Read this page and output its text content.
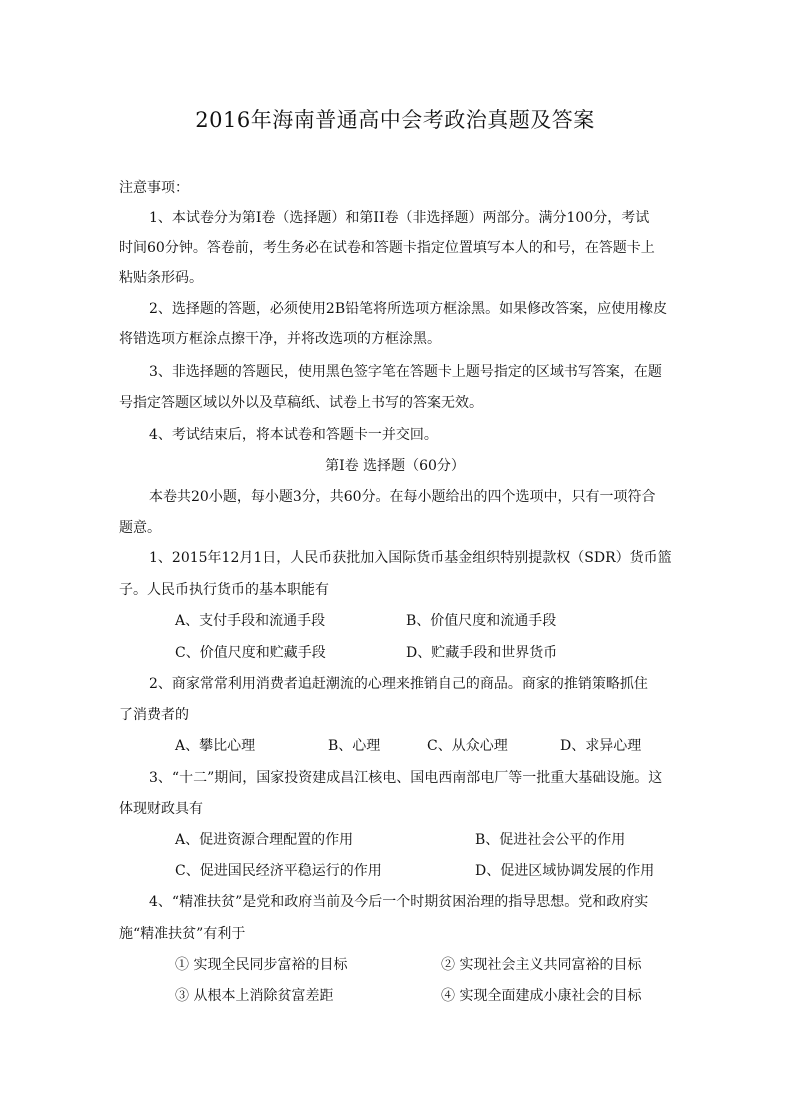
2016年海南普通高中会考政治真题及答案
注意事项：
1、本试卷分为第Ⅰ卷（选择题）和第II卷（非选择题）两部分。满分100分，考试
时间60分钟。答卷前，考生务必在试卷和答题卡指定位置填写本人的和号，在答题卡上
粘贴条形码。
2、选择题的答题，必须使用2B铅笔将所选项方框涂黑。如果修改答案，应使用橡皮
将错选项方框涂点擦干净，并将改选项的方框涂黑。
3、非选择题的答题民，使用黑色签字笔在答题卡上题号指定的区域书写答案，在题
号指定答题区域以外以及草稿纸、试卷上书写的答案无效。
4、考试结束后，将本试卷和答题卡一并交回。
第Ⅰ卷 选择题（60分）
本卷共20小题，每小题3分，共60分。在每小题给出的四个选项中，只有一项符合
题意。
1、2015年12月1日，人民币获批加入国际货币基金组织特别提款权（SDR）货币篮
子。人民币执行货币的基本职能有
A、支付手段和流通手段	B、价值尺度和流通手段
C、价值尺度和贮藏手段	D、贮藏手段和世界货币
2、商家常常利用消费者追赶潮流的心理来推销自己的商品。商家的推销策略抓住
了消费者的
A、攀比心理	B、心理	C、从众心理	D、求异心理
3、“十二”期间，国家投资建成昌江核电、国电西南部电厂等一批重大基础设施。这
体现财政具有
A、促进资源合理配置的作用	B、促进社会公平的作用
C、促进国民经济平稳运行的作用	D、促进区域协调发展的作用
4、“精准扶贫”是党和政府当前及今后一个时期贫困治理的指导思想。党和政府实
施“精准扶贫”有利于
① 实现全民同步富裕的目标	② 实现社会主义共同富裕的目标
③ 从根本上消除贫富差距	④ 实现全面建成小康社会的目标
